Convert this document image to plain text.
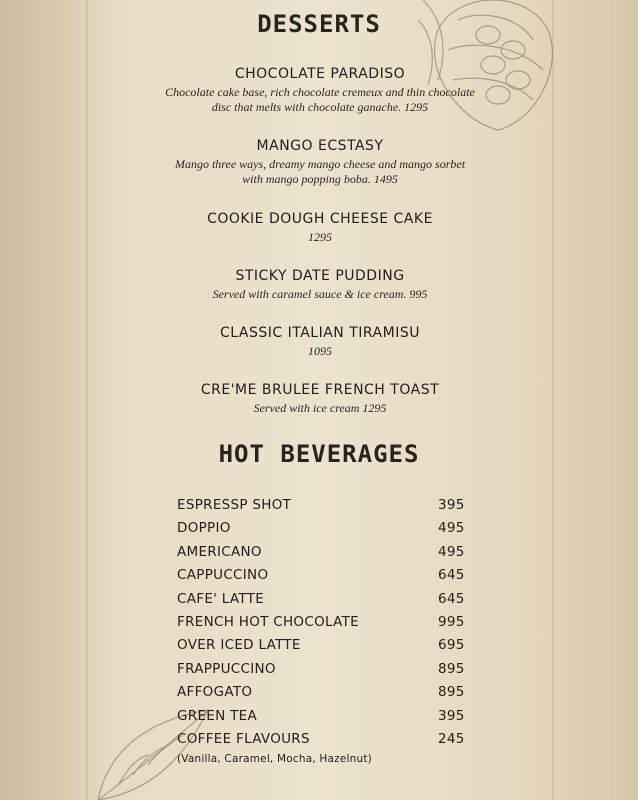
DESSERTS
CHOCOLATE PARADISO
Chocolate cake base, rich chocolate cremeux and thin chocolate
disc that melts with chocolate ganache. 1295
MANGO ECSTASY
Mango three ways, dreamy mango cheese and mango sorbet
with mango popping boba. 1495
COOKIE DOUGH CHEESE CAKE
1295
STICKY DATE PUDDING
Served with caramel sauce & ice cream. 995
CLASSIC ITALIAN TIRAMISU
1095
CRE'ME BRULEE FRENCH TOAST
Served with ice cream 1295
HOT BEVERAGES
ESPRESSP SHOT	395
DOPPIO	495
AMERICANO	495
CAPPUCCINO	645
CAFE' LATTE	645
FRENCH HOT CHOCOLATE	995
OVER ICED LATTE	695
FRAPPUCCINO	895
AFFOGATO	895
GREEN TEA	395
COFFEE FLAVOURS	245
(Vanilla, Caramel, Mocha, Hazelnut)
